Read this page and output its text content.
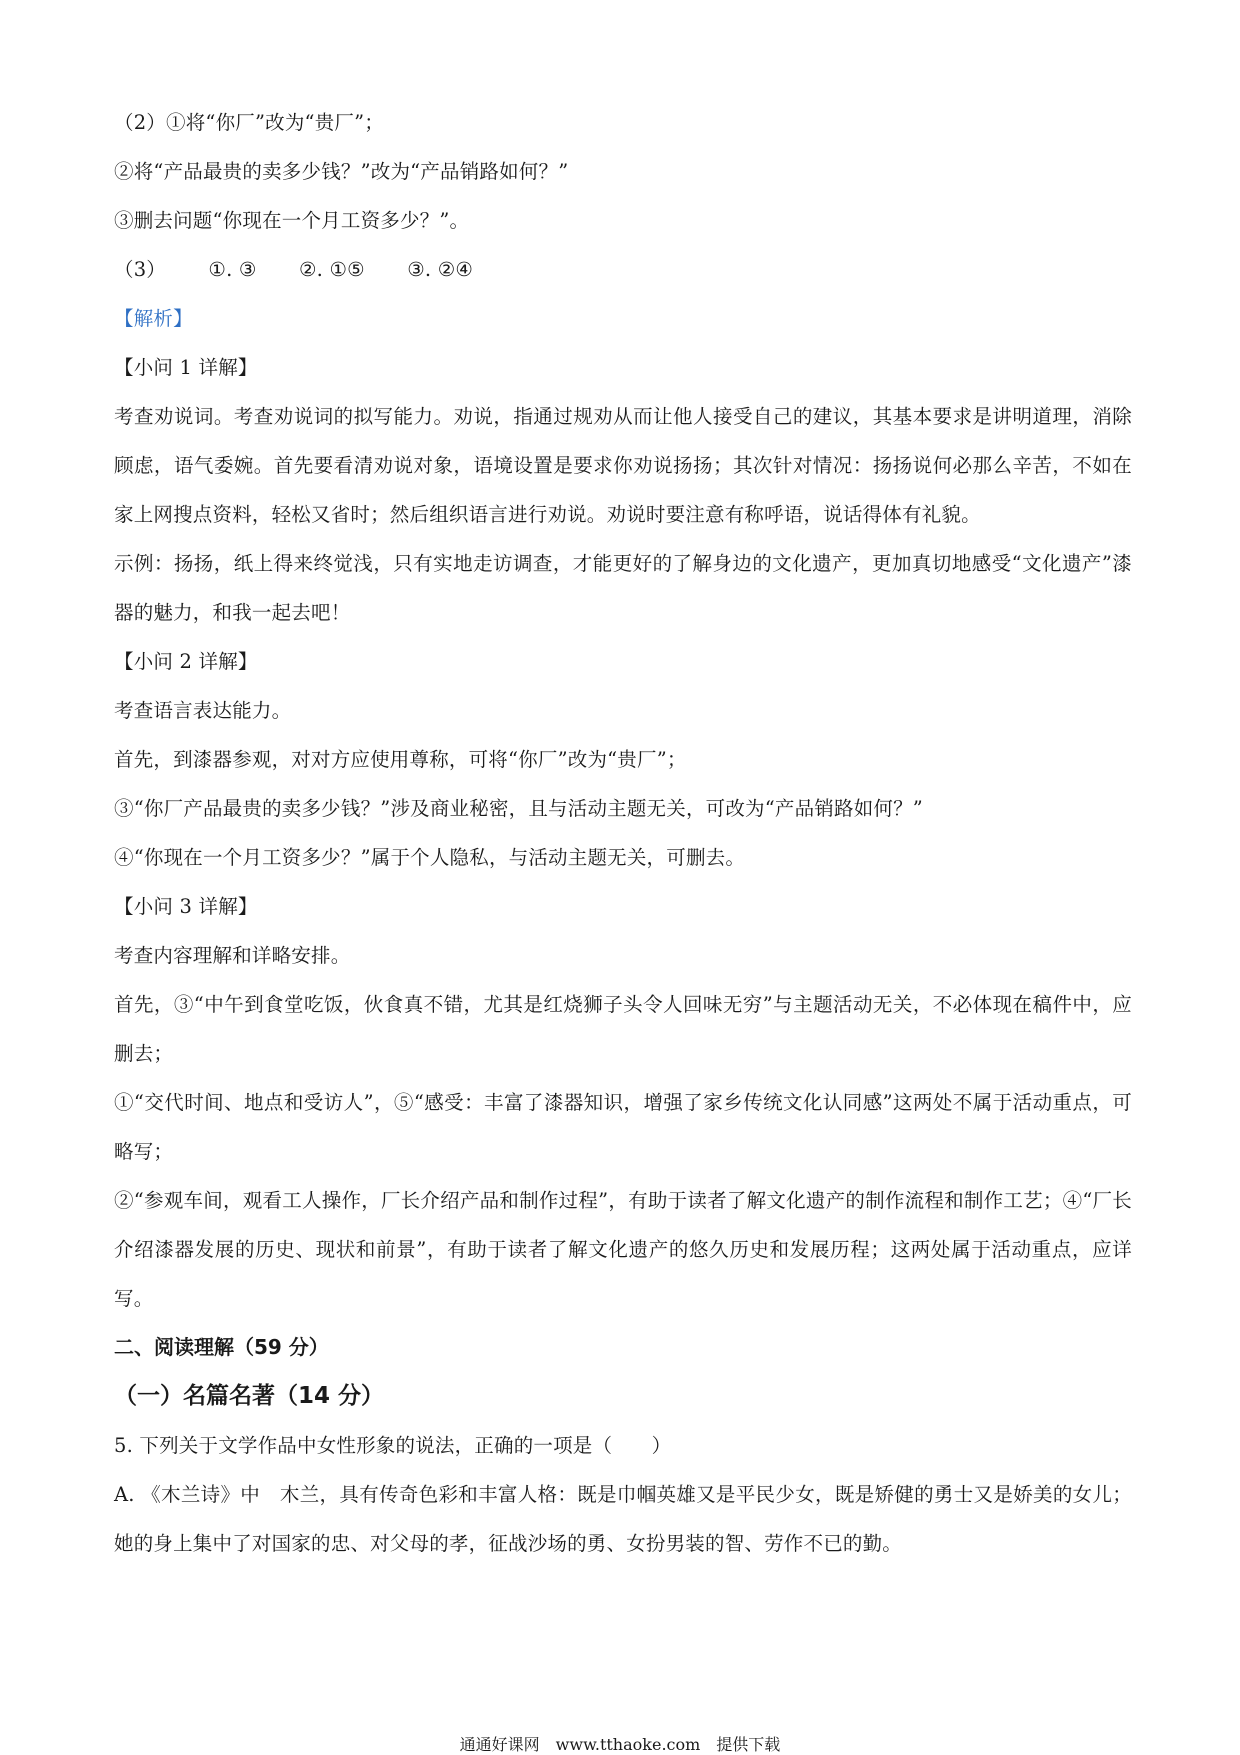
（2）①将“你厂”改为“贵厂”；
②将“产品最贵的卖多少钱？”改为“产品销路如何？”
③删去问题“你现在一个月工资多少？”。
（3） ①. ③ ②. ①⑤ ③. ②④
【解析】
【小问 1 详解】
考查劝说词。考查劝说词的拟写能力。劝说，指通过规劝从而让他人接受自己的建议，其基本要求是讲明道理，消除顾虑，语气委婉。首先要看清劝说对象，语境设置是要求你劝说扬扬；其次针对情况：扬扬说何必那么辛苦，不如在家上网搜点资料，轻松又省时；然后组织语言进行劝说。劝说时要注意有称呼语，说话得体有礼貌。
示例：扬扬，纸上得来终觉浅，只有实地走访调查，才能更好的了解身边的文化遗产，更加真切地感受“文化遗产”漆器的魅力，和我一起去吧！
【小问 2 详解】
考查语言表达能力。
首先，到漆器参观，对对方应使用尊称，可将“你厂”改为“贵厂”；
③“你厂产品最贵的卖多少钱？”涉及商业秘密，且与活动主题无关，可改为“产品销路如何？”
④“你现在一个月工资多少？”属于个人隐私，与活动主题无关，可删去。
【小问 3 详解】
考查内容理解和详略安排。
首先，③“中午到食堂吃饭，伙食真不错，尤其是红烧狮子头令人回味无穷”与主题活动无关，不必体现在稿件中，应删去；
①“交代时间、地点和受访人”，⑤“感受：丰富了漆器知识，增强了家乡传统文化认同感”这两处不属于活动重点，可略写；
②“参观车间，观看工人操作，厂长介绍产品和制作过程”，有助于读者了解文化遗产的制作流程和制作工艺；④“厂长介绍漆器发展的历史、现状和前景”，有助于读者了解文化遗产的悠久历史和发展历程；这两处属于活动重点，应详写。
二、阅读理解（59 分）
（一）名篇名著（14 分）
5. 下列关于文学作品中女性形象的说法，正确的一项是（　　）
A. 《木兰诗》中　木兰，具有传奇色彩和丰富人格：既是巾帼英雄又是平民少女，既是矫健的勇士又是娇美的女儿；她的身上集中了对国家的忠、对父母的孝，征战沙场的勇、女扮男装的智、劳作不已的勤。
通通好课网　www.tthaoke.com　提供下载
